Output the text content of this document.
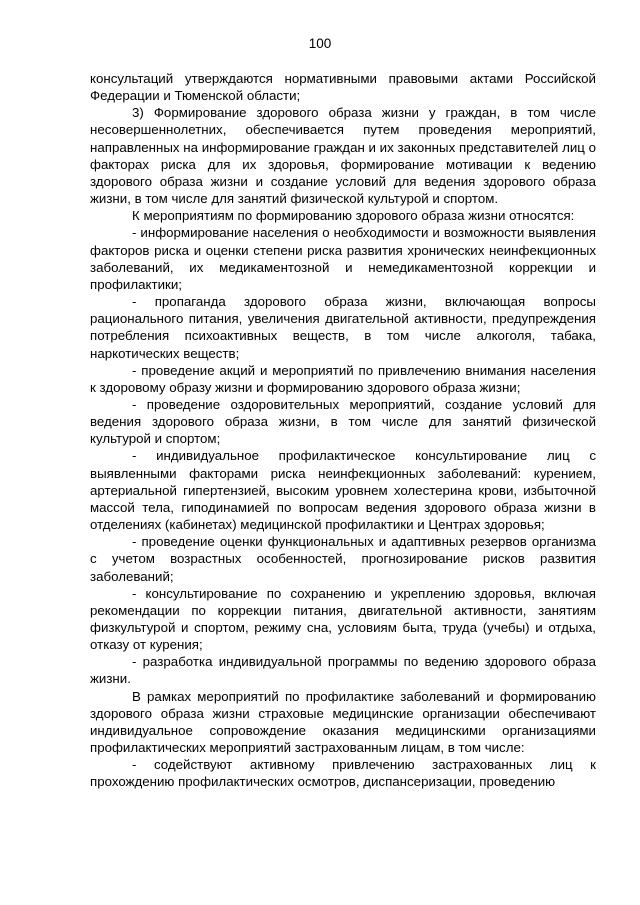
100

консультаций утверждаются нормативными правовыми актами Российской Федерации и Тюменской области;

3) Формирование здорового образа жизни у граждан, в том числе несовершеннолетних, обеспечивается путем проведения мероприятий, направленных на информирование граждан и их законных представителей лиц о факторах риска для их здоровья, формирование мотивации к ведению здорового образа жизни и создание условий для ведения здорового образа жизни, в том числе для занятий физической культурой и спортом.

К мероприятиям по формированию здорового образа жизни относятся:

- информирование населения о необходимости и возможности выявления факторов риска и оценки степени риска развития хронических неинфекционных заболеваний, их медикаментозной и немедикаментозной коррекции и профилактики;

- пропаганда здорового образа жизни, включающая вопросы рационального питания, увеличения двигательной активности, предупреждения потребления психоактивных веществ, в том числе алкоголя, табака, наркотических веществ;

- проведение акций и мероприятий по привлечению внимания населения к здоровому образу жизни и формированию здорового образа жизни;

- проведение оздоровительных мероприятий, создание условий для ведения здорового образа жизни, в том числе для занятий физической культурой и спортом;

- индивидуальное профилактическое консультирование лиц с выявленными факторами риска неинфекционных заболеваний: курением, артериальной гипертензией, высоким уровнем холестерина крови, избыточной массой тела, гиподинамией по вопросам ведения здорового образа жизни в отделениях (кабинетах) медицинской профилактики и Центрах здоровья;

- проведение оценки функциональных и адаптивных резервов организма с учетом возрастных особенностей, прогнозирование рисков развития заболеваний;

- консультирование по сохранению и укреплению здоровья, включая рекомендации по коррекции питания, двигательной активности, занятиям физкультурой и спортом, режиму сна, условиям быта, труда (учебы) и отдыха, отказу от курения;

- разработка индивидуальной программы по ведению здорового образа жизни.

В рамках мероприятий по профилактике заболеваний и формированию здорового образа жизни страховые медицинские организации обеспечивают индивидуальное сопровождение оказания медицинскими организациями профилактических мероприятий застрахованным лицам, в том числе:

- содействуют активному привлечению застрахованных лиц к прохождению профилактических осмотров, диспансеризации, проведению
